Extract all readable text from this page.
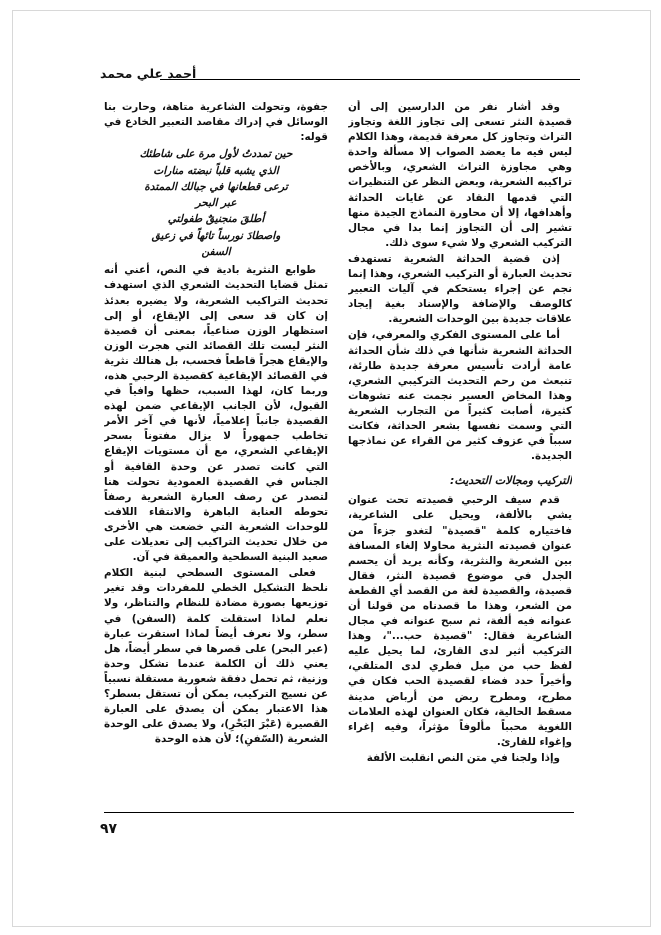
أحمد علي محمد

وقد أشار نفر من الدارسين إلى أن قصيدة النثر تسعى إلى تجاوز اللغة وتجاوز التراث وتجاوز كل معرفة قديمة، وهذا الكلام ليس فيه ما يعضد الصواب إلا مسألة واحدة وهي مجاوزة التراث الشعري، وبالأخص تراكيبه الشعرية، وبعض النظر عن التنظيرات التي قدمها النقاد عن غايات الحداثة وأهدافها، إلا أن محاورة النماذج الجيدة منها تشير إلى أن التجاوز إنما بدا في مجال التركيب الشعري ولا شيء سوى ذلك.

إذن قضية الحداثة الشعرية تستهدف تحديث العبارة أو التركيب الشعري، وهذا إنما نجم عن إجراء يستحكم في آليات التعبير كالوصف والإضافة والإسناد بغية إيجاد علاقات جديدة بين الوحدات الشعرية.

أما على المستوى الفكري والمعرفي، فإن الحداثة الشعرية شأنها في ذلك شأن الحداثة عامة أرادت تأسيس معرفة جديدة طارئة، تنبعث من رحم التحديث التركيبي الشعري، وهذا المخاض العسير نجمت عنه تشوهات كثيرة، أصابت كثيراً من التجارب الشعرية التي وسمت نفسها بشعر الحداثة، فكانت سبباً في عزوف كثير من القراء عن نماذجها الجديدة.

التركيب ومجالات التحديث:

قدم سيف الرحبي قصيدته تحت عنوان يشي بالألفة، ويحيل على الشاعرية، فاختياره كلمة "قصيدة" لتغدو جزءاً من عنوان قصيدته النثرية محاولا إلغاء المسافة بين الشعرية والنثرية، وكأنه يريد أن يحسم الجدل في موضوع قصيدة النثر، فقال قصيدة، والقصيدة لغة من القصد أي القطعة من الشعر، وهذا ما قصدناه من قولنا أن عنوانه فيه ألفة، ثم سبح عنوانه في مجال الشاعرية فقال: "قصيدة حب..."، وهذا التركيب أثير لدى القارئ، لما يحيل عليه لفظ حب من ميل فطري لدى المتلقي، وأخيراً حدد فضاء لقصيدة الحب فكان في مطرح، ومطرح ربض من أرباض مدينة مسقط الحالية، فكان العنوان لهذه العلامات اللغوية محبباً مألوفاً مؤثراً، وفيه إغراء وإغواء للقارئ.

وإذا ولجنا في متن النص انقلبت الألفة

جفوة، وتحولت الشاعرية متاهة، وحارت بنا الوسائل في إدراك مقاصد التعبير الخادع في قوله:

حين تمددتُ لأول مرة على شاطئك
الذي يشبه قلباً نبضته منارات
ترعى قطعانها في جبالك الممتدة
عبر البحر
أطلقَ منجنيقٌ طفولتي
واصطادَ نورساً تائهاً في زعيق
السفن

طوابع النثرية بادية في النص، أعني أنه تمثل قضايا التحديث الشعري الذي استهدف تحديث التراكيب الشعرية، ولا يضيره بعدئذ إن كان قد سعى إلى الإيقاع، أو إلى استظهار الوزن صناعياً، بمعنى أن قصيدة النثر ليست تلك القصائد التي هجرت الوزن والإيقاع هجراً قاطعاً فحسب، بل هنالك نثرية في القصائد الإيقاعية كقصيدة الرحبي هذه، وربما كان، لهذا السبب، حظها وافياً في القبول، لأن الجانب الإيقاعي ضمن لهذه القصيدة جانباً إعلامياً، لأنها في آخر الأمر تخاطب جمهوراً لا يزال مفتوناً بسحر الإيقاعي الشعري، مع أن مستويات الإيقاع التي كانت تصدر عن وحدة القافية أو الجناس في القصيدة العمودية تحولت هنا لتصدر عن رصف العبارة الشعرية رصفاً تحوطه العناية الباهرة والانتقاء اللافت للوحدات الشعرية التي خضعت هي الأخرى من خلال تحديث التراكيب إلى تعديلات على صعيد البنية السطحية والعميقة في آن.

فعلى المستوى السطحي لبنية الكلام نلحظ التشكيل الخطي للمفردات وقد تغير توزيعها بصورة مضادة للنظام والتناظر، ولا نعلم لماذا استقلت كلمة (السفن) في سطر، ولا نعرف أيضاً لماذا استقرت عبارة (عبر البحر) على قصرها في سطر أيضاً، هل يعني ذلك أن الكلمة عندما تشكل وحدة وزنية، ثم تحمل دفقة شعورية مستقلة نسبياً عن نسيج التركيب، يمكن أن تستقل بسطر؟ هذا الاعتبار يمكن أن يصدق على العبارة القصيرة (عَبْرَ البَحْرِ)، ولا يصدق على الوحدة الشعرية (السّفنِ)؛ لأن هذه الوحدة

٩٧
